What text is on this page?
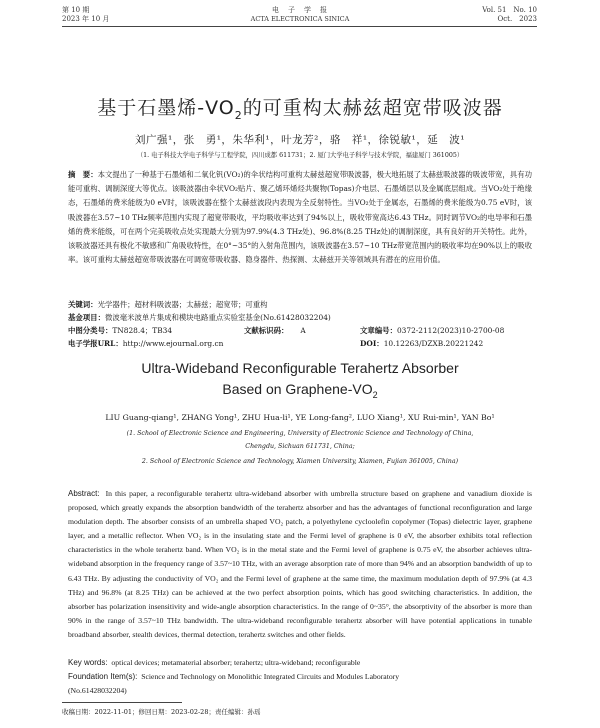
第 10 期
2023 年 10 月
电　子　学　报
ACTA ELECTRONICA SINICA
Vol. 51　No. 10
Oct.　2023
基于石墨烯$-VO_2$的可重构太赫兹超宽带吸波器
刘广强¹，张　勇¹，朱华利¹，叶龙芳²，骆　祥¹，徐锐敏¹，延　波¹
（1. 电子科技大学电子科学与工程学院，四川成都 611731；2. 厦门大学电子科学与技术学院，福建厦门 361005）
摘　要：本文提出了一种基于石墨烯和二氧化钒(VO₂)的伞状结构可重构太赫兹超宽带吸波器，极大地拓展了太赫兹吸波器的吸波带宽，具有功能可重构、调制深度大等优点。该吸波器由伞状VO₂贴片、聚乙烯环烯烃共聚物(Topas)介电层、石墨烯层以及金属底层组成。当VO₂处于绝缘态，石墨烯的费米能级为0 eV时，该吸波器在整个太赫兹波段内表现为全反射特性。当VO₂处于金属态，石墨烯的费米能级为0.75 eV时，该吸波器在3.57~10 THz频率范围内实现了超宽带吸收，平均吸收率达到了94%以上，吸收带宽高达6.43 THz。同时调节VO₂的电导率和石墨烯的费米能级，可在两个完美吸收点处实现最大分别为97.9%(4.3 THz处)、96.8%(8.25 THz处)的调制深度，具有良好的开关特性。此外，该吸波器还具有极化不敏感和广角吸收特性，在0°~35°的入射角范围内，该吸波器在3.57~10 THz带宽范围内的吸收率均在90%以上的吸收率。该可重构太赫兹超宽带吸波器在可调宽带吸收器、隐身器件、热探测、太赫兹开关等领域具有潜在的应用价值。
关键词：光学器件；超材料吸波器；太赫兹；超宽带；可重构
基金项目：微波毫米波单片集成和模块电路重点实验室基金(No.61428032204)
中图分类号：TN828.4；TB34	文献标识码： A	文章编号：0372-2112(2023)10-2700-08
电子学报URL：http://www.ejournal.org.cn	DOI：10.12263/DZXB.20221242
Ultra-Wideband Reconfigurable Terahertz Absorber
Based on Graphene-$VO_2$
LIU Guang-qiang¹, ZHANG Yong¹, ZHU Hua-li¹, YE Long-fang², LUO Xiang¹, XU Rui-min¹, YAN Bo¹
(1. School of Electronic Science and Engineering, University of Electronic Science and Technology of China,
Chengdu, Sichuan 611731, China;
2. School of Electronic Science and Technology, Xiamen University, Xiamen, Fujian 361005, China)
Abstract: In this paper, a reconfigurable terahertz ultra-wideband absorber with umbrella structure based on graphene and vanadium dioxide is proposed, which greatly expands the absorption bandwidth of the terahertz absorber and has the advantages of functional reconfiguration and large modulation depth. The absorber consists of an umbrella shaped VO₂ patch, a polyethylene cycloolefin copolymer (Topas) dielectric layer, graphene layer, and a metallic reflector. When VO₂ is in the insulating state and the Fermi level of graphene is 0 eV, the absorber exhibits total reflection characteristics in the whole terahertz band. When VO₂ is in the metal state and the Fermi level of graphene is 0.75 eV, the absorber achieves ultra-wideband absorption in the frequency range of 3.57~10 THz, with an average absorption rate of more than 94% and an absorption bandwidth of up to 6.43 THz. By adjusting the conductivity of VO₂ and the Fermi level of graphene at the same time, the maximum modulation depth of 97.9% (at 4.3 THz) and 96.8% (at 8.25 THz) can be achieved at the two perfect absorption points, which has good switching characteristics. In addition, the absorber has polarization insensitivity and wide-angle absorption characteristics. In the range of 0~35°, the absorptivity of the absorber is more than 90% in the range of 3.57~10 THz bandwidth. The ultra-wideband reconfigurable terahertz absorber will have potential applications in tunable broadband absorber, stealth devices, thermal detection, terahertz switches and other fields.
Key words: optical devices; metamaterial absorber; terahertz; ultra-wideband; reconfigurable
Foundation Item(s): Science and Technology on Monolithic Integrated Circuits and Modules Laboratory
(No.61428032204)
收稿日期：2022-11-01；修回日期：2023-02-28；责任编辑：孙瑶
